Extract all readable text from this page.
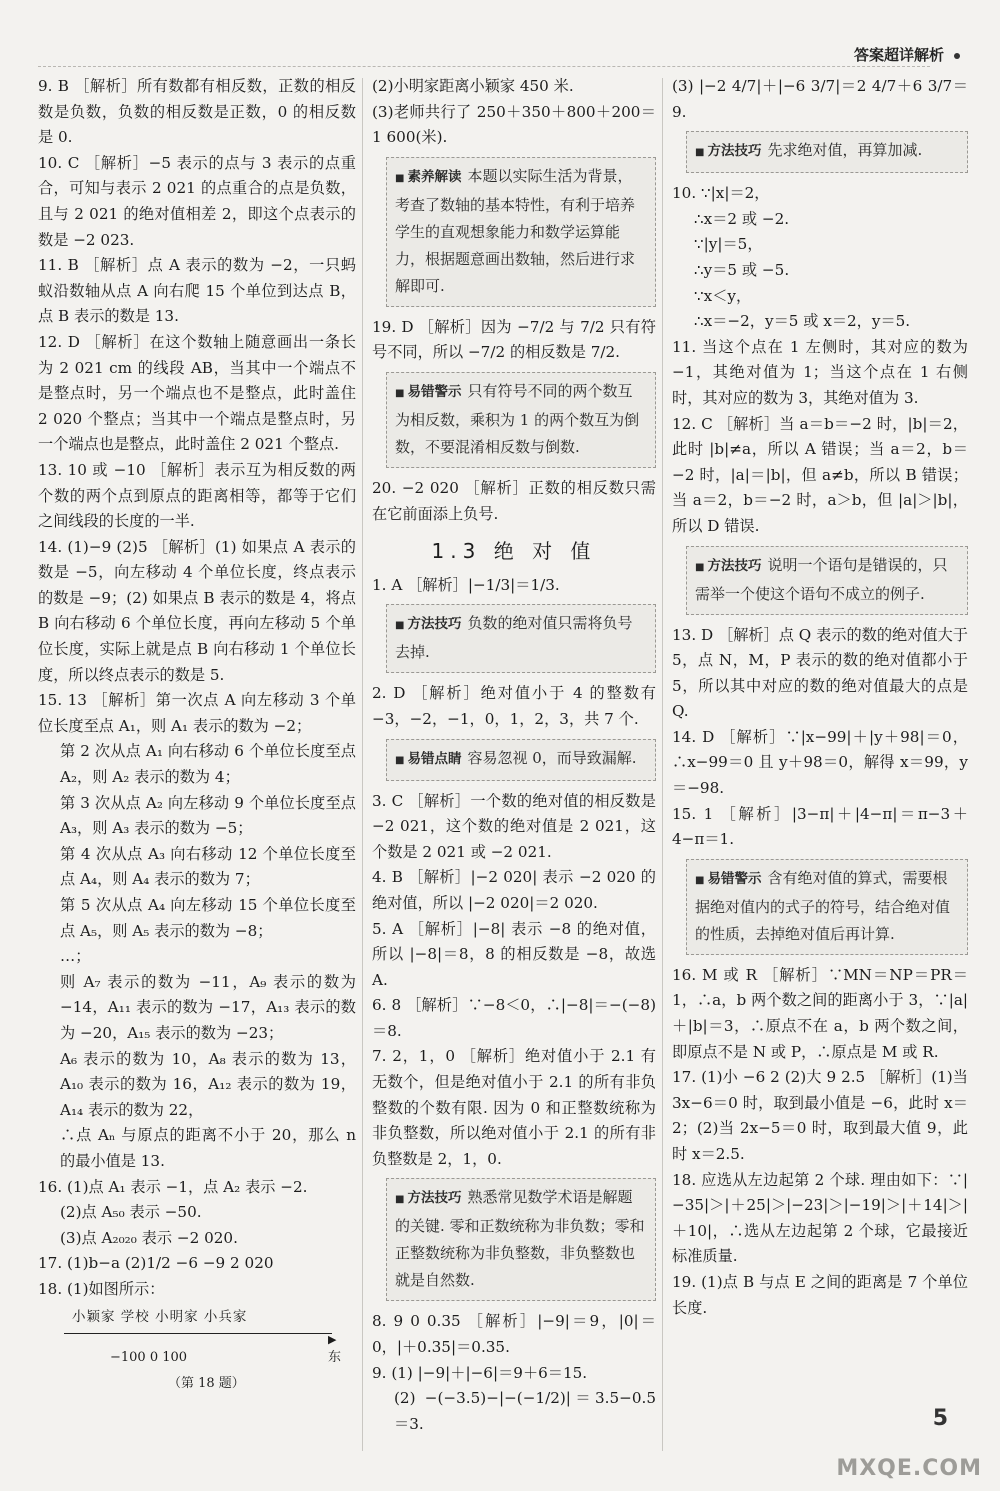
答案超详解析

9. B ［解析］所有数都有相反数，正数的相反数是负数，负数的相反数是正数，0 的相反数是 0.

10. C ［解析］−5 表示的点与 3 表示的点重合，可知与表示 2 021 的点重合的点是负数，且与 2 021 的绝对值相差 2，即这个点表示的数是 −2 023.

11. B ［解析］点 A 表示的数为 −2，一只蚂蚁沿数轴从点 A 向右爬 15 个单位到达点 B，点 B 表示的数是 13.

12. D ［解析］在这个数轴上随意画出一条长为 2 021 cm 的线段 AB，当其中一个端点不是整点时，另一个端点也不是整点，此时盖住 2 020 个整点；当其中一个端点是整点时，另一个端点也是整点，此时盖住 2 021 个整点.

13. 10 或 −10 ［解析］表示互为相反数的两个数的两个点到原点的距离相等，都等于它们之间线段的长度的一半.

14. (1)−9 (2)5 ［解析］(1) 如果点 A 表示的数是 −5，向左移动 4 个单位长度，终点表示的数是 −9；(2) 如果点 B 表示的数是 4，将点 B 向右移动 6 个单位长度，再向左移动 5 个单位长度，实际上就是点 B 向右移动 1 个单位长度，所以终点表示的数是 5.

15. 13 ［解析］第一次点 A 向左移动 3 个单位长度至点 A₁，则 A₁ 表示的数为 −2；

第 2 次从点 A₁ 向右移动 6 个单位长度至点 A₂，则 A₂ 表示的数为 4；

第 3 次从点 A₂ 向左移动 9 个单位长度至点 A₃，则 A₃ 表示的数为 −5；

第 4 次从点 A₃ 向右移动 12 个单位长度至点 A₄，则 A₄ 表示的数为 7；

第 5 次从点 A₄ 向左移动 15 个单位长度至点 A₅，则 A₅ 表示的数为 −8；

…；

则 A₇ 表示的数为 −11，A₉ 表示的数为 −14，A₁₁ 表示的数为 −17，A₁₃ 表示的数为 −20，A₁₅ 表示的数为 −23；

A₆ 表示的数为 10，A₈ 表示的数为 13，A₁₀ 表示的数为 16，A₁₂ 表示的数为 19，A₁₄ 表示的数为 22，

∴点 Aₙ 与原点的距离不小于 20，那么 n 的最小值是 13.

16. (1)点 A₁ 表示 −1，点 A₂ 表示 −2.

(2)点 A₅₀ 表示 −50.

(3)点 A₂₀₂₀ 表示 −2 020.

17. (1)b−a (2)1/2 −6 −9 2 020

18. (1)如图所示：

小颖家 学校 小明家 小兵家
▶
−100 0 100	东
（第 18 题）

(2)小明家距离小颖家 450 米.

(3)老师共行了 250＋350＋800＋200＝1 600(米).

■ 素养解读 本题以实际生活为背景，考查了数轴的基本特性，有利于培养学生的直观想象能力和数学运算能力，根据题意画出数轴，然后进行求解即可.

19. D ［解析］因为 −7/2 与 7/2 只有符号不同，所以 −7/2 的相反数是 7/2.

■ 易错警示 只有符号不同的两个数互为相反数，乘积为 1 的两个数互为倒数，不要混淆相反数与倒数.

20. −2 020 ［解析］正数的相反数只需在它前面添上负号.

1.3 绝 对 值

1. A ［解析］|−1/3|＝1/3.

■ 方法技巧 负数的绝对值只需将负号去掉.

2. D ［解析］绝对值小于 4 的整数有 −3，−2，−1，0，1，2，3，共 7 个.

■ 易错点睛 容易忽视 0，而导致漏解.

3. C ［解析］一个数的绝对值的相反数是 −2 021，这个数的绝对值是 2 021，这个数是 2 021 或 −2 021.

4. B ［解析］|−2 020| 表示 −2 020 的绝对值，所以 |−2 020|＝2 020.

5. A ［解析］|−8| 表示 −8 的绝对值，所以 |−8|＝8，8 的相反数是 −8，故选 A.

6. 8 ［解析］∵−8＜0，∴|−8|＝−(−8)＝8.

7. 2，1，0 ［解析］绝对值小于 2.1 有无数个，但是绝对值小于 2.1 的所有非负整数的个数有限. 因为 0 和正整数统称为非负整数，所以绝对值小于 2.1 的所有非负整数是 2，1，0.

■ 方法技巧 熟悉常见数学术语是解题的关键. 零和正数统称为非负数；零和正整数统称为非负整数，非负整数也就是自然数.

8. 9 0 0.35 ［解析］|−9|＝9，|0|＝0，|＋0.35|＝0.35.

9. (1) |−9|＋|−6|＝9＋6＝15.

(2) −(−3.5)−|−(−1/2)|＝3.5−0.5＝3.

(3) |−2 4/7|＋|−6 3/7|＝2 4/7＋6 3/7＝9.

■ 方法技巧 先求绝对值，再算加减.

10. ∵|x|＝2，

∴x＝2 或 −2.

∵|y|＝5，

∴y＝5 或 −5.

∵x＜y，

∴x＝−2，y＝5 或 x＝2，y＝5.

11. 当这个点在 1 左侧时，其对应的数为 −1，其绝对值为 1；当这个点在 1 右侧时，其对应的数为 3，其绝对值为 3.

12. C ［解析］当 a＝b＝−2 时，|b|＝2，此时 |b|≠a，所以 A 错误；当 a＝2，b＝−2 时，|a|＝|b|，但 a≠b，所以 B 错误；当 a＝2，b＝−2 时，a＞b，但 |a|＞|b|，所以 D 错误.

■ 方法技巧 说明一个语句是错误的，只需举一个使这个语句不成立的例子.

13. D ［解析］点 Q 表示的数的绝对值大于 5，点 N，M，P 表示的数的绝对值都小于 5，所以其中对应的数的绝对值最大的点是 Q.

14. D ［解析］∵|x−99|＋|y＋98|＝0，∴x−99＝0 且 y＋98＝0，解得 x＝99，y＝−98.

15. 1 ［解析］|3−π|＋|4−π|＝π−3＋4−π＝1.

■ 易错警示 含有绝对值的算式，需要根据绝对值内的式子的符号，结合绝对值的性质，去掉绝对值后再计算.

16. M 或 R ［解析］∵MN＝NP＝PR＝1，∴a，b 两个数之间的距离小于 3，∵|a|＋|b|＝3，∴原点不在 a，b 两个数之间，即原点不是 N 或 P，∴原点是 M 或 R.

17. (1)小 −6 2 (2)大 9 2.5 ［解析］(1)当 3x−6＝0 时，取到最小值是 −6，此时 x＝2；(2)当 2x−5＝0 时，取到最大值 9，此时 x＝2.5.

18. 应选从左边起第 2 个球. 理由如下：∵|−35|＞|＋25|＞|−23|＞|−19|＞|＋14|＞|＋10|，∴选从左边起第 2 个球，它最接近标准质量.

19. (1)点 B 与点 E 之间的距离是 7 个单位长度.

5
MXQE.COM
